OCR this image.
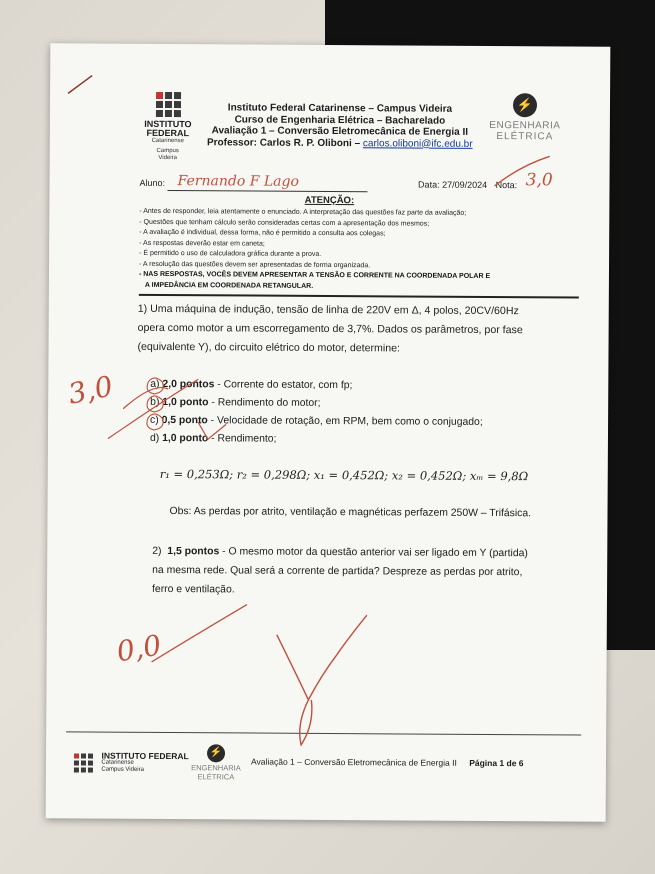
INSTITUTO
FEDERAL
Catarinense
Campus
Videira
Instituto Federal Catarinense – Campus Videira
Curso de Engenharia Elétrica – Bacharelado
Avaliação 1 – Conversão Eletromecânica de Energia II
Professor: Carlos R. P. Oliboni – carlos.oliboni@ifc.edu.br
⚡
ENGENHARIA
ELÉTRICA
Aluno: Fernando F Lago	Data: 27/09/2024 Nota: 3,0
ATENÇÃO:
- Antes de responder, leia atentamente o enunciado. A interpretação das questões faz parte da avaliação;
- Questões que tenham cálculo serão consideradas certas com a apresentação dos mesmos;
- A avaliação é individual, dessa forma, não é permitido a consulta aos colegas;
- As respostas deverão estar em caneta;
- É permitido o uso de calculadora gráfica durante a prova.
- A resolução das questões devem ser apresentadas de forma organizada.
- NAS RESPOSTAS, VOCÊS DEVEM APRESENTAR A TENSÃO E CORRENTE NA COORDENADA POLAR E
A IMPEDÂNCIA EM COORDENADA RETANGULAR.
1) Uma máquina de indução, tensão de linha de 220V em Δ, 4 polos, 20CV/60Hz
opera como motor a um escorregamento de 3,7%. Dados os parâmetros, por fase
(equivalente Y), do circuito elétrico do motor, determine:
a) 2,0 pontos - Corrente do estator, com fp;
b) 1,0 ponto - Rendimento do motor;
c) 0,5 ponto - Velocidade de rotação, em RPM, bem como o conjugado;
d) 1,0 ponto - Rendimento;
r₁ = 0,253Ω; r₂ = 0,298Ω; x₁ = 0,452Ω; x₂ = 0,452Ω; xₘ = 9,8Ω
Obs: As perdas por atrito, ventilação e magnéticas perfazem 250W – Trifásica.
2) 1,5 pontos - O mesmo motor da questão anterior vai ser ligado em Y (partida)
na mesma rede. Qual será a corrente de partida? Despreze as perdas por atrito,
ferro e ventilação.
3,0
0,0
INSTITUTO FEDERAL
Catarinense
Campus Videira
⚡
ENGENHARIA
ELÉTRICA
Avaliação 1 – Conversão Eletromecânica de Energia II Página 1 de 6
